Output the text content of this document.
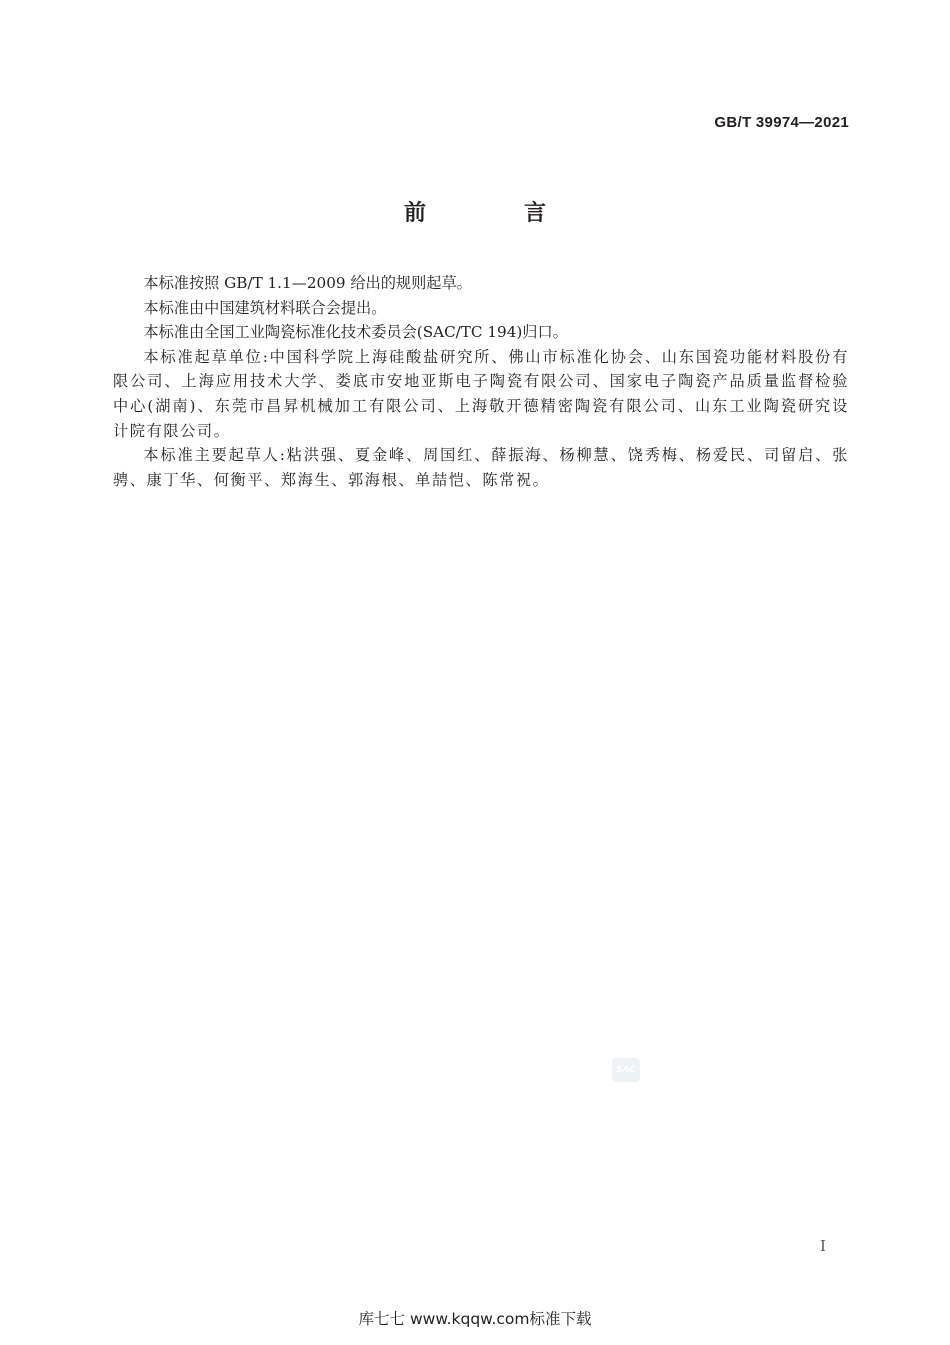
GB/T 39974—2021
前　言

本标准按照 GB/T 1.1—2009 给出的规则起草。

本标准由中国建筑材料联合会提出。

本标准由全国工业陶瓷标准化技术委员会(SAC/TC 194)归口。

本标准起草单位:中国科学院上海硅酸盐研究所、佛山市标准化协会、山东国瓷功能材料股份有限公司、上海应用技术大学、娄底市安地亚斯电子陶瓷有限公司、国家电子陶瓷产品质量监督检验中心(湖南)、东莞市昌昇机械加工有限公司、上海敬开德精密陶瓷有限公司、山东工业陶瓷研究设计院有限公司。

本标准主要起草人:粘洪强、夏金峰、周国红、薛振海、杨柳慧、饶秀梅、杨爱民、司留启、张骋、康丁华、何衡平、郑海生、郭海根、单喆恺、陈常祝。

SAC
I
库七七 www.kqqw.com标准下载
